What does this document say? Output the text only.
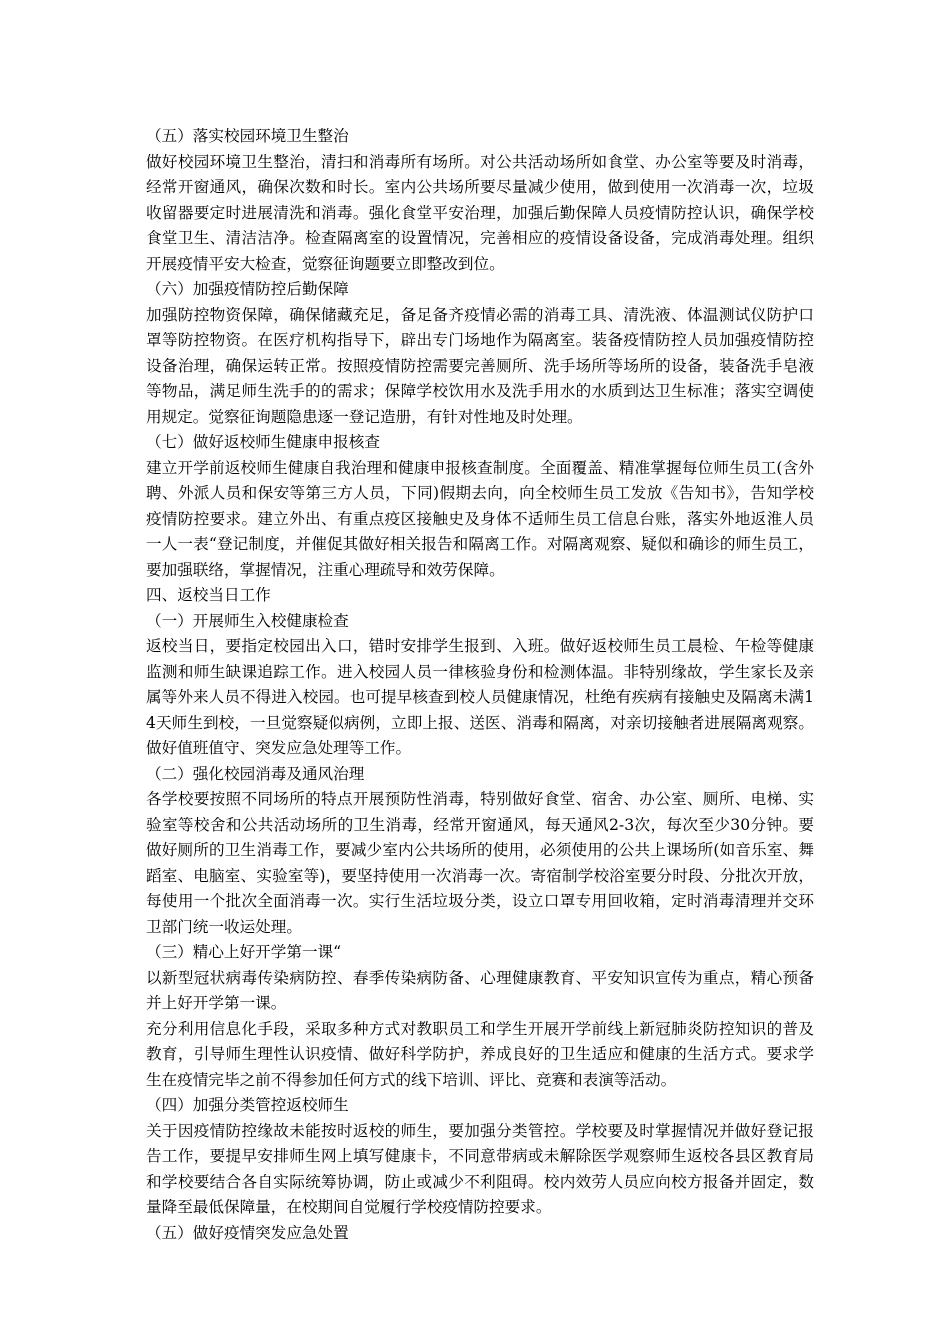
（五）落实校园环境卫生整治

做好校园环境卫生整治，清扫和消毒所有场所。对公共活动场所如食堂、办公室等要及时消毒，经常开窗通风，确保次数和时长。室内公共场所要尽量减少使用，做到使用一次消毒一次，垃圾收留器要定时进展清洗和消毒。强化食堂平安治理，加强后勤保障人员疫情防控认识，确保学校食堂卫生、清洁洁净。检查隔离室的设置情况，完善相应的疫情设备设备，完成消毒处理。组织开展疫情平安大检查，觉察征询题要立即整改到位。

（六）加强疫情防控后勤保障

加强防控物资保障，确保储藏充足，备足备齐疫情必需的消毒工具、清洗液、体温测试仪防护口罩等防控物资。在医疗机构指导下，辟出专门场地作为隔离室。装备疫情防控人员加强疫情防控设备治理，确保运转正常。按照疫情防控需要完善厕所、洗手场所等场所的设备，装备洗手皂液等物品，满足师生洗手的的需求；保障学校饮用水及洗手用水的水质到达卫生标准；落实空调使用规定。觉察征询题隐患逐一登记造册，有针对性地及时处理。

（七）做好返校师生健康申报核查

建立开学前返校师生健康自我治理和健康申报核查制度。全面覆盖、精准掌握每位师生员工(含外聘、外派人员和保安等第三方人员，下同)假期去向，向全校师生员工发放《告知书》，告知学校疫情防控要求。建立外出、有重点疫区接触史及身体不适师生员工信息台账，落实外地返淮人员一人一表“登记制度，并催促其做好相关报告和隔离工作。对隔离观察、疑似和确诊的师生员工，要加强联络，掌握情况，注重心理疏导和效劳保障。

四、返校当日工作

（一）开展师生入校健康检查

返校当日，要指定校园出入口，错时安排学生报到、入班。做好返校师生员工晨检、午检等健康监测和师生缺课追踪工作。进入校园人员一律核验身份和检测体温。非特别缘故，学生家长及亲属等外来人员不得进入校园。也可提早核查到校人员健康情况，杜绝有疾病有接触史及隔离未满14天师生到校，一旦觉察疑似病例，立即上报、送医、消毒和隔离，对亲切接触者进展隔离观察。做好值班值守、突发应急处理等工作。

（二）强化校园消毒及通风治理

各学校要按照不同场所的特点开展预防性消毒，特别做好食堂、宿舍、办公室、厕所、电梯、实验室等校舍和公共活动场所的卫生消毒，经常开窗通风，每天通风2-3次，每次至少30分钟。要做好厕所的卫生消毒工作，要减少室内公共场所的使用，必须使用的公共上课场所(如音乐室、舞蹈室、电脑室、实验室等)，要坚持使用一次消毒一次。寄宿制学校浴室要分时段、分批次开放，每使用一个批次全面消毒一次。实行生活垃圾分类，设立口罩专用回收箱，定时消毒清理并交环卫部门统一收运处理。

（三）精心上好开学第一课“

以新型冠状病毒传染病防控、春季传染病防备、心理健康教育、平安知识宣传为重点，精心预备并上好开学第一课。

充分利用信息化手段，采取多种方式对教职员工和学生开展开学前线上新冠肺炎防控知识的普及教育，引导师生理性认识疫情、做好科学防护，养成良好的卫生适应和健康的生活方式。要求学生在疫情完毕之前不得参加任何方式的线下培训、评比、竞赛和表演等活动。

（四）加强分类管控返校师生

关于因疫情防控缘故未能按时返校的师生，要加强分类管控。学校要及时掌握情况并做好登记报告工作，要提早安排师生网上填写健康卡，不同意带病或未解除医学观察师生返校各县区教育局和学校要结合各自实际统筹协调，防止或减少不利阻碍。校内效劳人员应向校方报备并固定，数量降至最低保障量，在校期间自觉履行学校疫情防控要求。

（五）做好疫情突发应急处置
